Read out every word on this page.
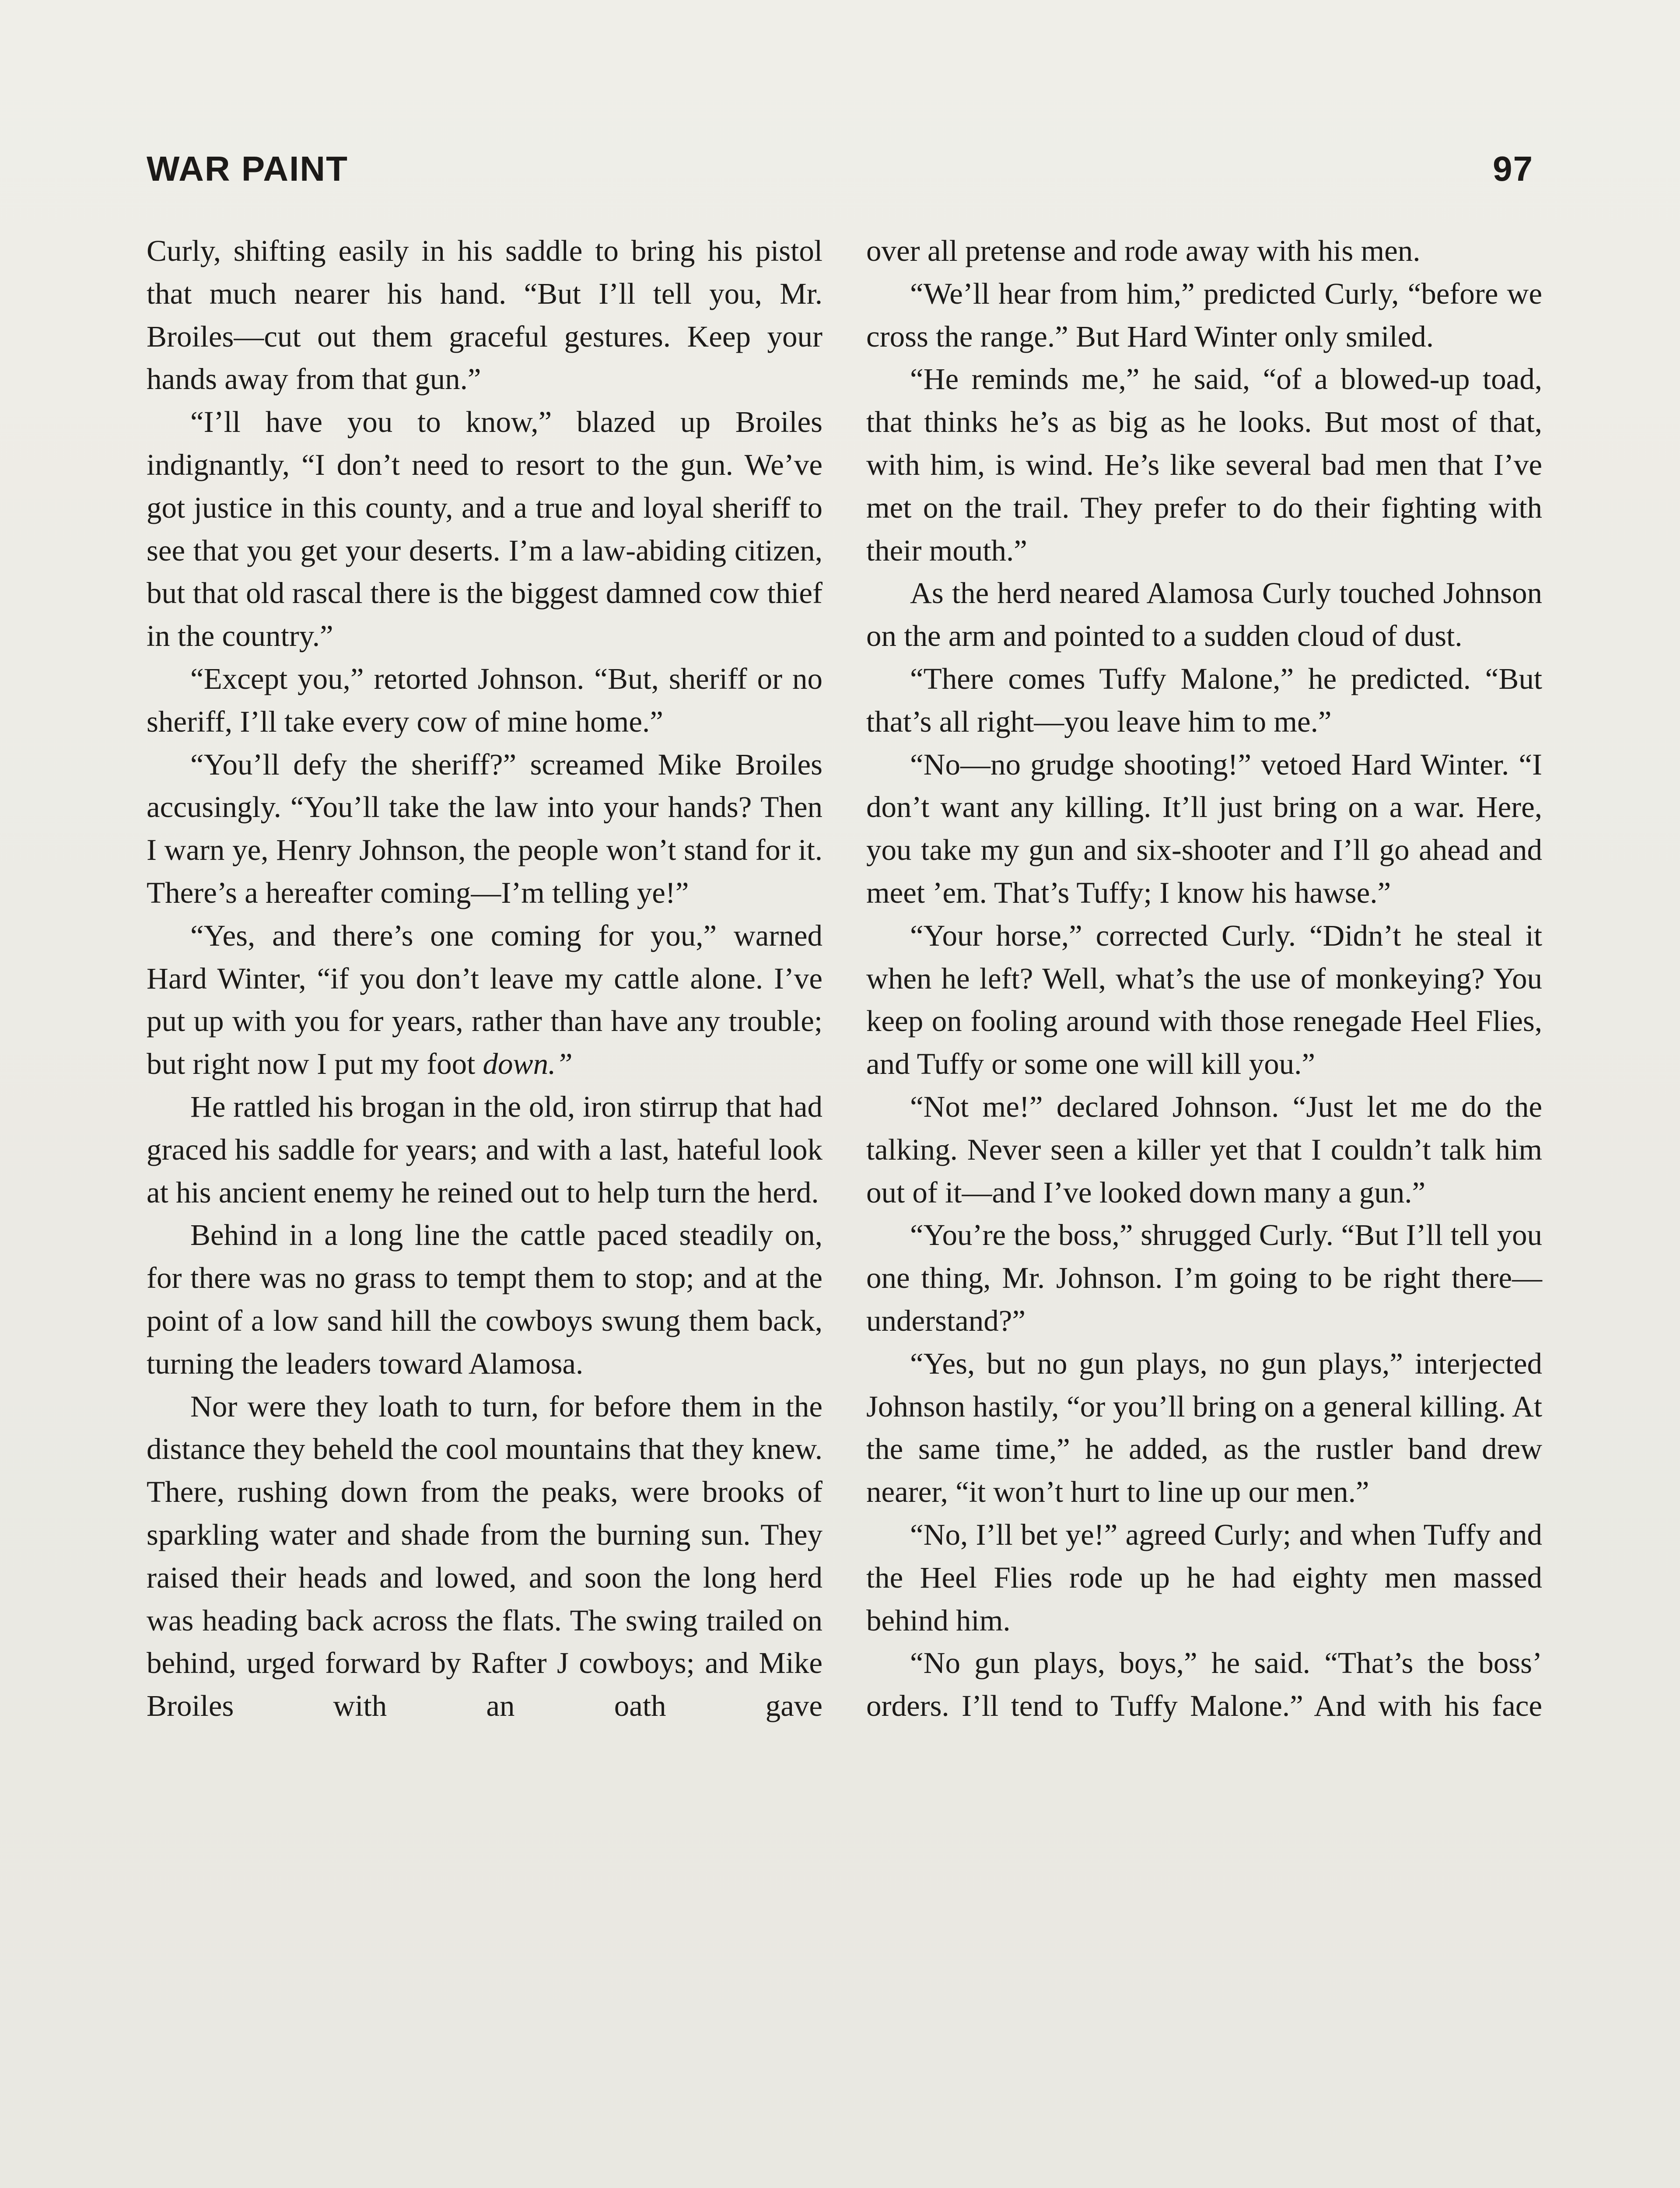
WAR PAINT	97

Curly, shifting easily in his saddle to bring his pistol that much nearer his hand. “But I’ll tell you, Mr. Broiles—cut out them graceful gestures. Keep your hands away from that gun.”

“I’ll have you to know,” blazed up Broiles indignantly, “I don’t need to resort to the gun. We’ve got justice in this county, and a true and loyal sheriff to see that you get your deserts. I’m a law-abiding citizen, but that old rascal there is the biggest damned cow thief in the country.”

“Except you,” retorted Johnson. “But, sheriff or no sheriff, I’ll take every cow of mine home.”

“You’ll defy the sheriff?” screamed Mike Broiles accusingly. “You’ll take the law into your hands? Then I warn ye, Henry Johnson, the people won’t stand for it. There’s a hereafter coming—I’m telling ye!”

“Yes, and there’s one coming for you,” warned Hard Winter, “if you don’t leave my cattle alone. I’ve put up with you for years, rather than have any trouble; but right now I put my foot down.”

He rattled his brogan in the old, iron stirrup that had graced his saddle for years; and with a last, hateful look at his ancient enemy he reined out to help turn the herd.

Behind in a long line the cattle paced steadily on, for there was no grass to tempt them to stop; and at the point of a low sand hill the cowboys swung them back, turning the leaders toward Alamosa.

Nor were they loath to turn, for before them in the distance they beheld the cool mountains that they knew. There, rushing down from the peaks, were brooks of sparkling water and shade from the burning sun. They raised their heads and lowed, and soon the long herd was heading back across the flats. The swing trailed on behind, urged forward by Rafter J cowboys; and Mike Broiles with an oath gave

over all pretense and rode away with his men.

“We’ll hear from him,” predicted Curly, “before we cross the range.” But Hard Winter only smiled.

“He reminds me,” he said, “of a blowed-up toad, that thinks he’s as big as he looks. But most of that, with him, is wind. He’s like several bad men that I’ve met on the trail. They prefer to do their fighting with their mouth.”

As the herd neared Alamosa Curly touched Johnson on the arm and pointed to a sudden cloud of dust.

“There comes Tuffy Malone,” he predicted. “But that’s all right—you leave him to me.”

“No—no grudge shooting!” vetoed Hard Winter. “I don’t want any killing. It’ll just bring on a war. Here, you take my gun and six-shooter and I’ll go ahead and meet ’em. That’s Tuffy; I know his hawse.”

“Your horse,” corrected Curly. “Didn’t he steal it when he left? Well, what’s the use of monkeying? You keep on fooling around with those renegade Heel Flies, and Tuffy or some one will kill you.”

“Not me!” declared Johnson. “Just let me do the talking. Never seen a killer yet that I couldn’t talk him out of it—and I’ve looked down many a gun.”

“You’re the boss,” shrugged Curly. “But I’ll tell you one thing, Mr. Johnson. I’m going to be right there—understand?”

“Yes, but no gun plays, no gun plays,” interjected Johnson hastily, “or you’ll bring on a general killing. At the same time,” he added, as the rustler band drew nearer, “it won’t hurt to line up our men.”

“No, I’ll bet ye!” agreed Curly; and when Tuffy and the Heel Flies rode up he had eighty men massed behind him.

“No gun plays, boys,” he said. “That’s the boss’ orders. I’ll tend to Tuffy Malone.” And with his face
